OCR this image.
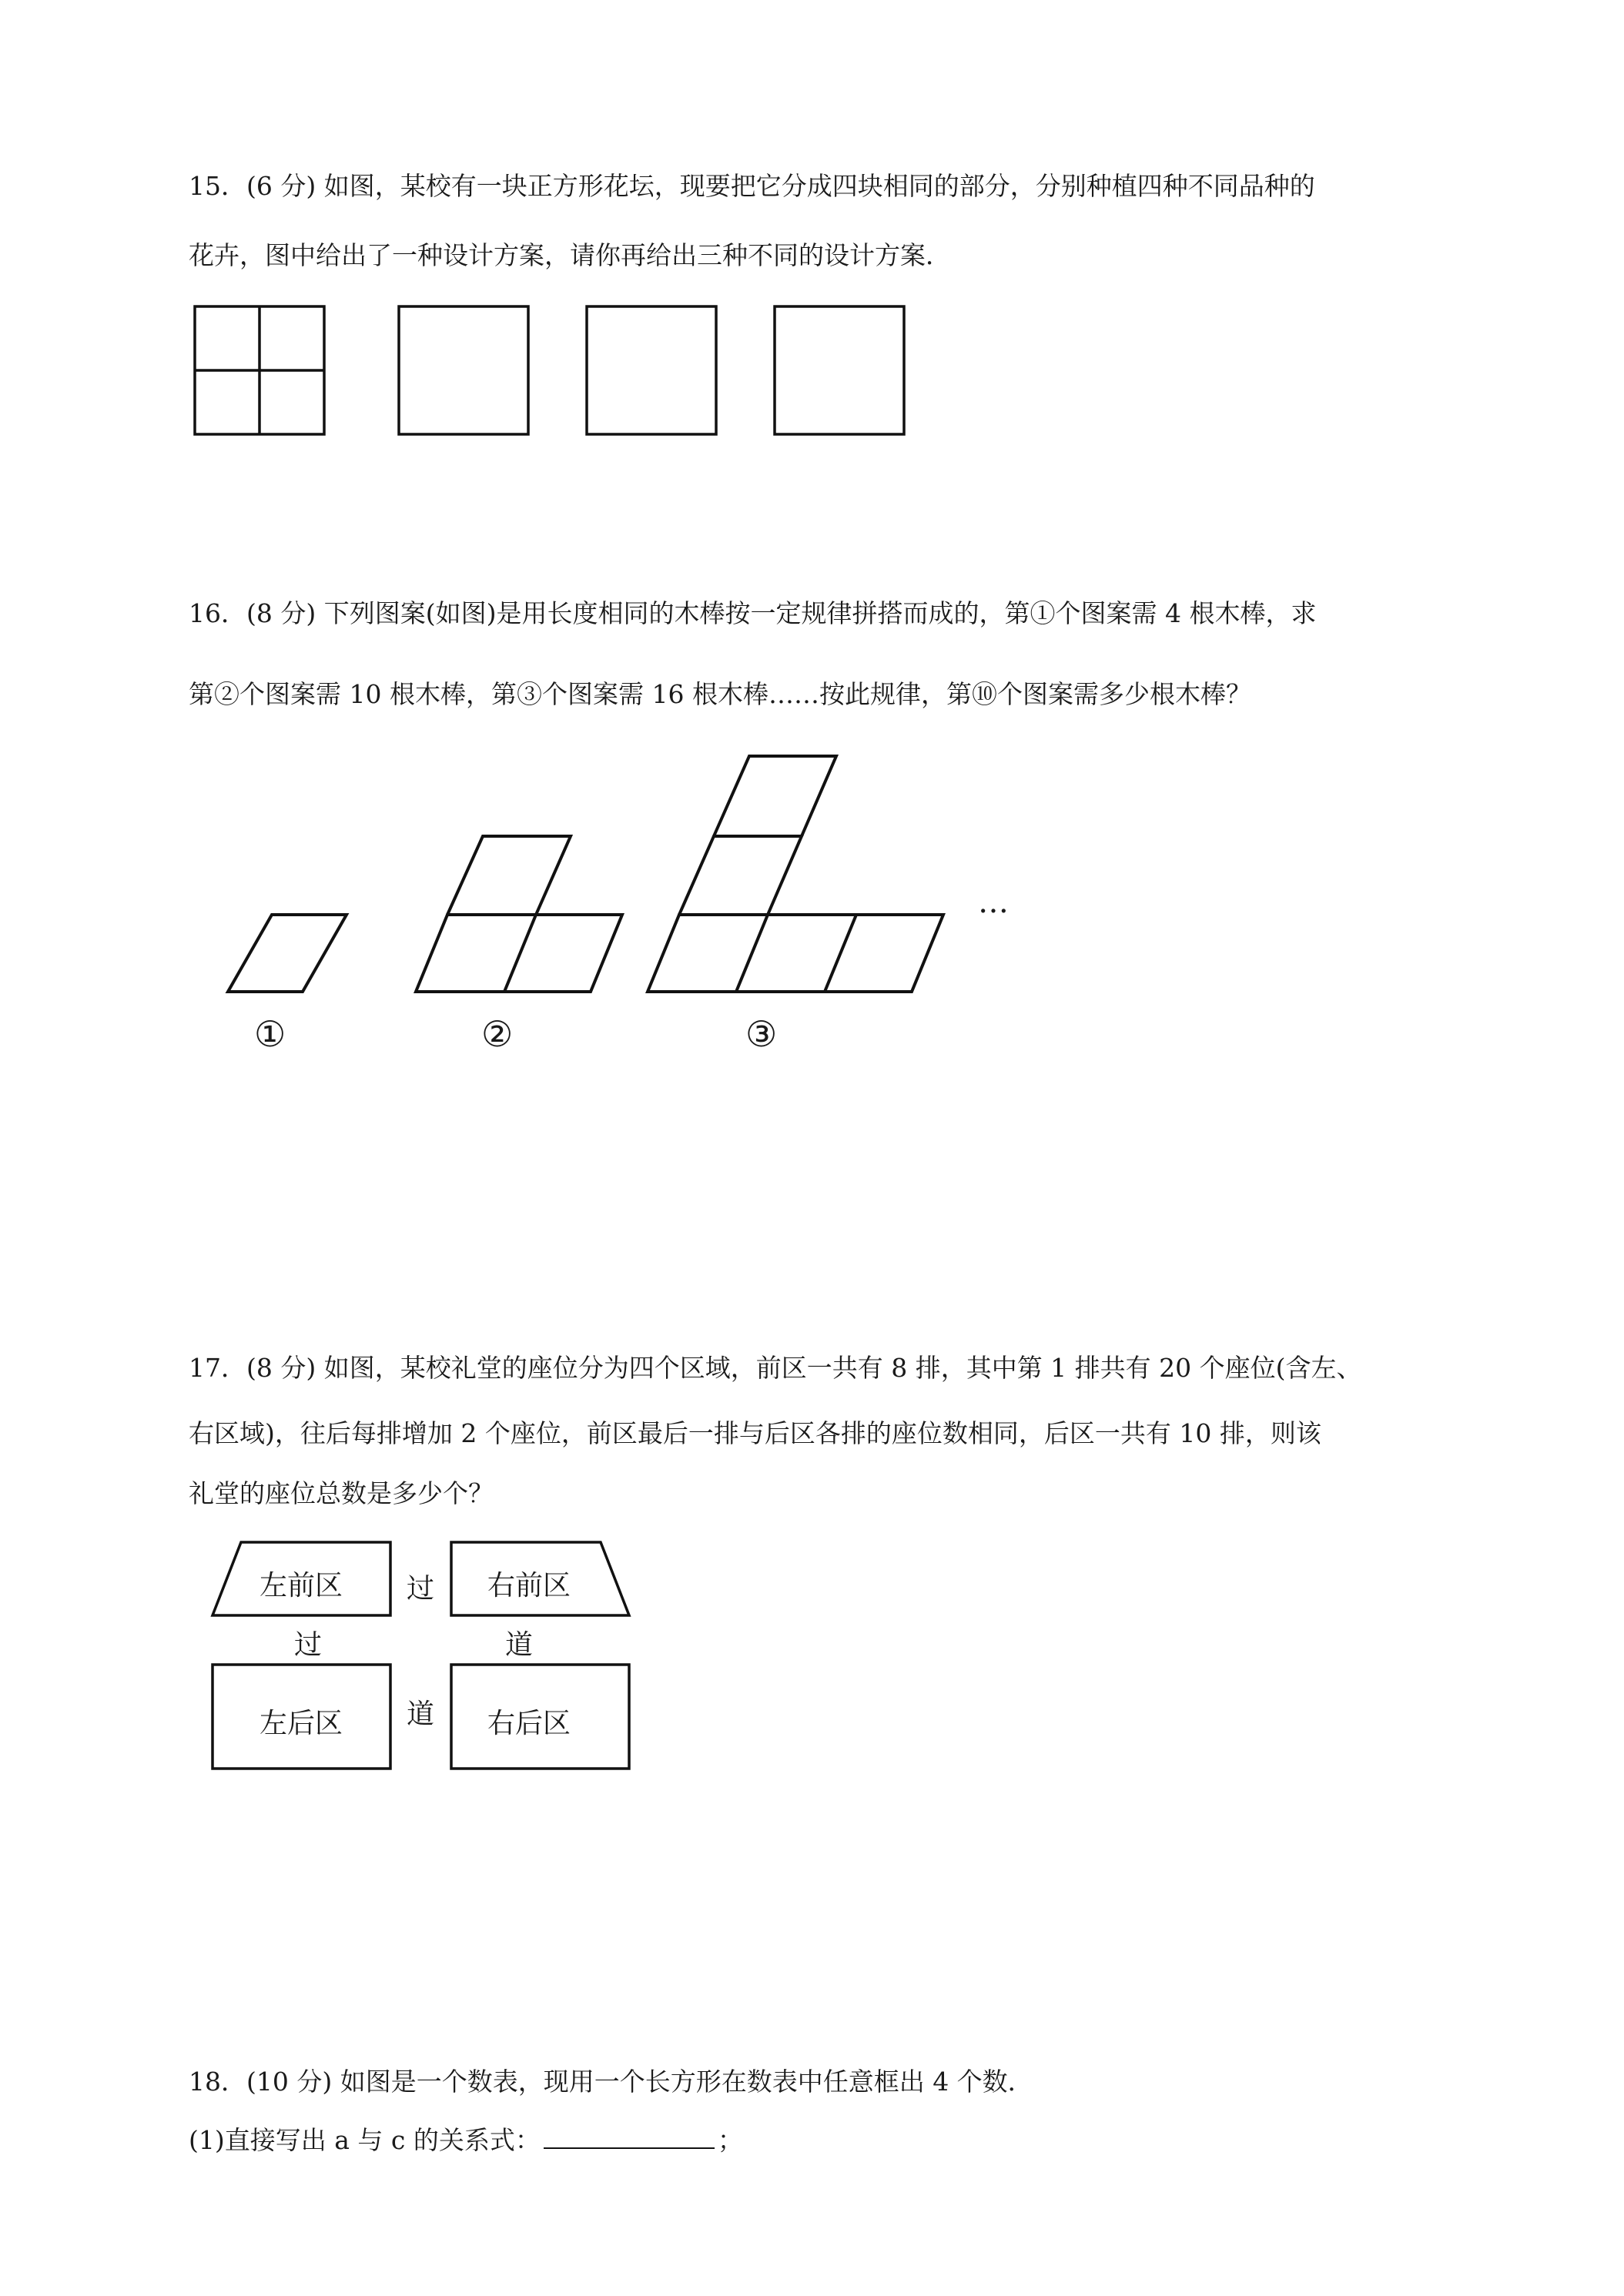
15．(6 分) 如图，某校有一块正方形花坛，现要把它分成四块相同的部分，分别种植四种不同品种的

花卉，图中给出了一种设计方案，请你再给出三种不同的设计方案．

16．(8 分) 下列图案(如图)是用长度相同的木棒按一定规律拼搭而成的，第①个图案需 4 根木棒，求

第②个图案需 10 根木棒，第③个图案需 16 根木棒……按此规律，第⑩个图案需多少根木棒？

…
①	②	③

17．(8 分) 如图，某校礼堂的座位分为四个区域，前区一共有 8 排，其中第 1 排共有 20 个座位(含左、

右区域)，往后每排增加 2 个座位，前区最后一排与后区各排的座位数相同，后区一共有 10 排，则该

礼堂的座位总数是多少个？

左前区	右前区
左后区	右后区
过
道
过
道

18．(10 分) 如图是一个数表，现用一个长方形在数表中任意框出 4 个数．

(1)直接写出 a 与 c 的关系式：	；
